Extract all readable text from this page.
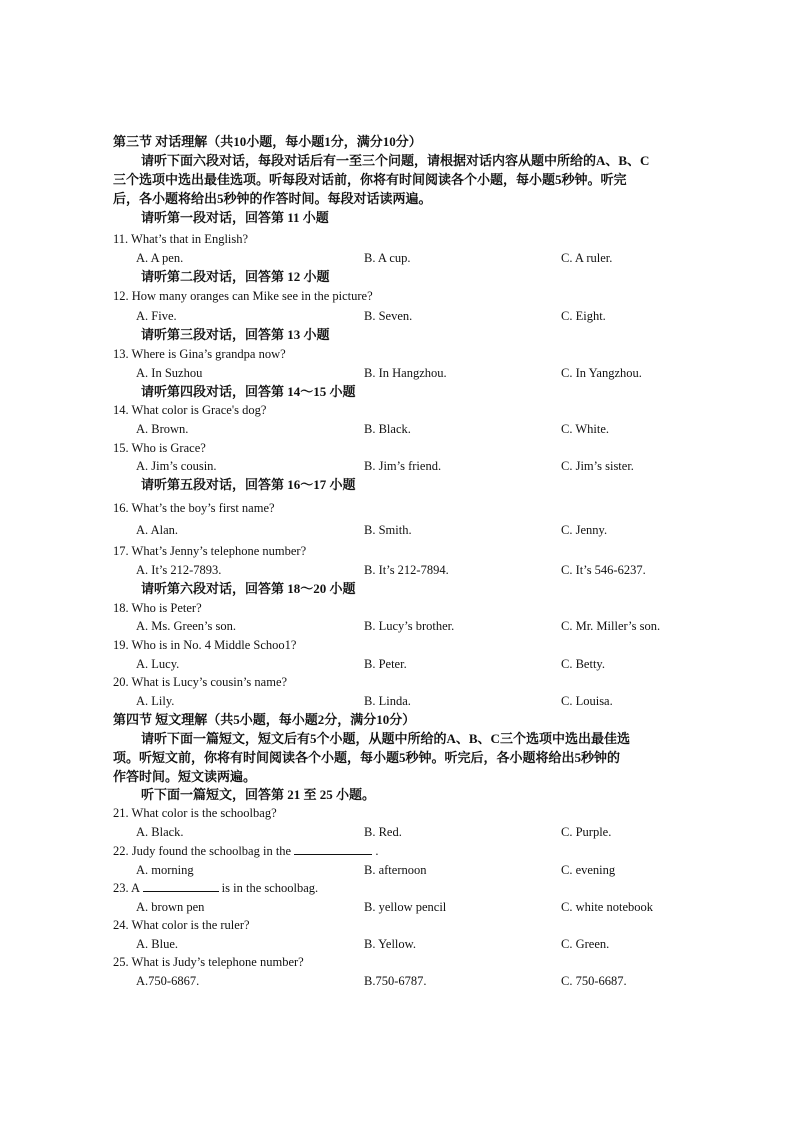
第三节 对话理解（共10小题，每小题1分，满分10分）
请听下面六段对话，每段对话后有一至三个问题，请根据对话内容从题中所给的A、B、C
三个选项中选出最佳选项。听每段对话前，你将有时间阅读各个小题，每小题5秒钟。听完
后，各小题将给出5秒钟的作答时间。每段对话读两遍。
请听第一段对话，回答第 11 小题
11. What’s that in English?
A. A pen.	B. A cup.	C. A ruler.
请听第二段对话，回答第 12 小题
12. How many oranges can Mike see in the picture?
A. Five.	B. Seven.	C. Eight.
请听第三段对话，回答第 13 小题
13. Where is Gina’s grandpa now?
A. In Suzhou	B. In Hangzhou.	C. In Yangzhou.
请听第四段对话，回答第 14～15 小题
14. What color is Grace's dog?
A. Brown.	B. Black.	C. White.
15. Who is Grace?
A. Jim’s cousin.	B. Jim’s friend.	C. Jim’s sister.
请听第五段对话，回答第 16～17 小题
16. What’s the boy’s first name?
A. Alan.	B. Smith.	C. Jenny.
17. What’s Jenny’s telephone number?
A. It’s 212-7893.	B. It’s 212-7894.	C. It’s 546-6237.
请听第六段对话，回答第 18～20 小题
18. Who is Peter?
A. Ms. Green’s son.	B. Lucy’s brother.	C. Mr. Miller’s son.
19. Who is in No. 4 Middle Schoo1?
A. Lucy.	B. Peter.	C. Betty.
20. What is Lucy’s cousin’s name?
A. Lily.	B. Linda.	C. Louisa.
第四节 短文理解（共5小题，每小题2分，满分10分）
请听下面一篇短文，短文后有5个小题，从题中所给的A、B、C三个选项中选出最佳选
项。听短文前，你将有时间阅读各个小题，每小题5秒钟。听完后，各小题将给出5秒钟的
作答时间。短文读两遍。
听下面一篇短文，回答第 21 至 25 小题。
21. What color is the schoolbag?
A. Black.	B. Red.	C. Purple.
22. Judy found the schoolbag in the	.
A. morning	B. afternoon	C. evening
23. A	is in the schoolbag.
A. brown pen	B. yellow pencil	C. white notebook
24. What color is the ruler?
A. Blue.	B. Yellow.	C. Green.
25. What is Judy’s telephone number?
A.750-6867.	B.750-6787.	C. 750-6687.
